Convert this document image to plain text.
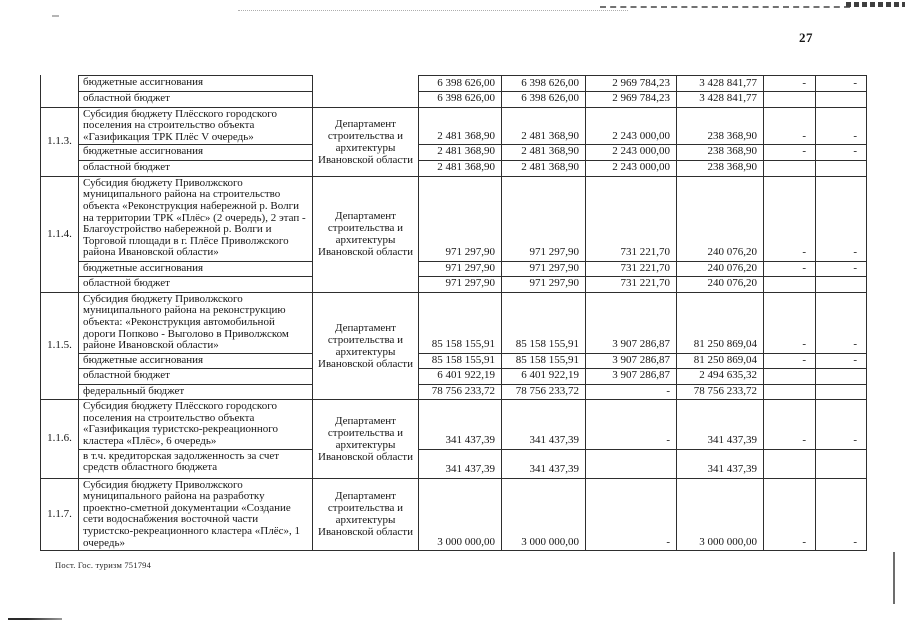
27
	бюджетные ассигнования		6 398 626,00	6 398 626,00	2 969 784,23	3 428 841,77	-	-
	областной бюджет		6 398 626,00	6 398 626,00	2 969 784,23	3 428 841,77		
1.1.3.	Субсидия бюджету Плёсского городского поселения на строительство объекта «Газификация ТРК Плёс V очередь»	Департамент строительства и архитектуры Ивановской области	2 481 368,90	2 481 368,90	2 243 000,00	238 368,90	-	-
	бюджетные ассигнования		2 481 368,90	2 481 368,90	2 243 000,00	238 368,90	-	-
	областной бюджет		2 481 368,90	2 481 368,90	2 243 000,00	238 368,90		
1.1.4.	Субсидия бюджету Приволжского муниципального района на строительство объекта «Реконструкция набережной р. Волги на территории ТРК «Плёс» (2 очередь), 2 этап - Благоустройство набережной р. Волги и Торговой площади в г. Плёсе Приволжского района Ивановской области»	Департамент строительства и архитектуры Ивановской области	971 297,90	971 297,90	731 221,70	240 076,20	-	-
	бюджетные ассигнования		971 297,90	971 297,90	731 221,70	240 076,20	-	-
	областной бюджет		971 297,90	971 297,90	731 221,70	240 076,20		
1.1.5.	Субсидия бюджету Приволжского муниципального района на реконструкцию объекта: «Реконструкция автомобильной дороги Попково - Выголово в Приволжском районе Ивановской области»	Департамент строительства и архитектуры Ивановской области	85 158 155,91	85 158 155,91	3 907 286,87	81 250 869,04	-	-
	бюджетные ассигнования		85 158 155,91	85 158 155,91	3 907 286,87	81 250 869,04	-	-
	областной бюджет		6 401 922,19	6 401 922,19	3 907 286,87	2 494 635,32		
	федеральный бюджет		78 756 233,72	78 756 233,72	-	78 756 233,72		
1.1.6.	Субсидия бюджету Плёсского городского поселения на строительство объекта «Газификация туристско-рекреационного кластера «Плёс», 6 очередь»	Департамент строительства и архитектуры Ивановской области	341 437,39	341 437,39	-	341 437,39	-	-
	в т.ч. кредиторская задолженность за счет средств областного бюджета		341 437,39	341 437,39		341 437,39		
1.1.7.	Субсидия бюджету Приволжского муниципального района на разработку проектно-сметной документации «Создание сети водоснабжения восточной части туристско-рекреационного кластера «Плёс», 1 очередь»	Департамент строительства и архитектуры Ивановской области	3 000 000,00	3 000 000,00	-	3 000 000,00	-	-
Пост. Гос. туризм 751794
